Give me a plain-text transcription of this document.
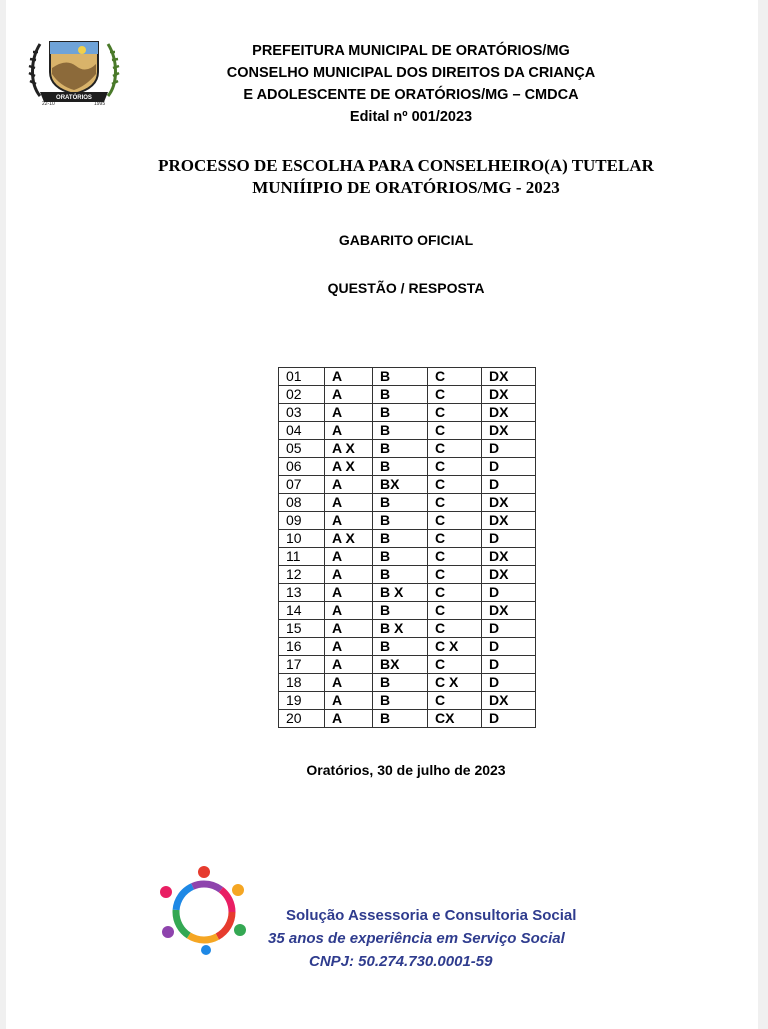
ORATÓRIOS
22-10	1995
PREFEITURA MUNICIPAL DE ORATÓRIOS/MG
CONSELHO MUNICIPAL DOS DIREITOS DA CRIANÇA
E ADOLESCENTE DE ORATÓRIOS/MG – CMDCA
Edital nº 001/2023
PROCESSO DE ESCOLHA PARA CONSELHEIRO(A) TUTELAR
MUNIÍIPIO DE ORATÓRIOS/MG - 2023
GABARITO OFICIAL
QUESTÃO / RESPOSTA
01	A	B	C	DX
02	A	B	C	DX
03	A	B	C	DX
04	A	B	C	DX
05	A X	B	C	D
06	A X	B	C	D
07	A	BX	C	D
08	A	B	C	DX
09	A	B	C	DX
10	A X	B	C	D
11	A	B	C	DX
12	A	B	C	DX
13	A	B X	C	D
14	A	B	C	DX
15	A	B X	C	D
16	A	B	C X	D
17	A	BX	C	D
18	A	B	C X	D
19	A	B	C	DX
20	A	B	CX	D
Oratórios, 30 de julho de 2023
Solução Assessoria e Consultoria Social
35 anos de experiência em Serviço Social
CNPJ: 50.274.730.0001-59
